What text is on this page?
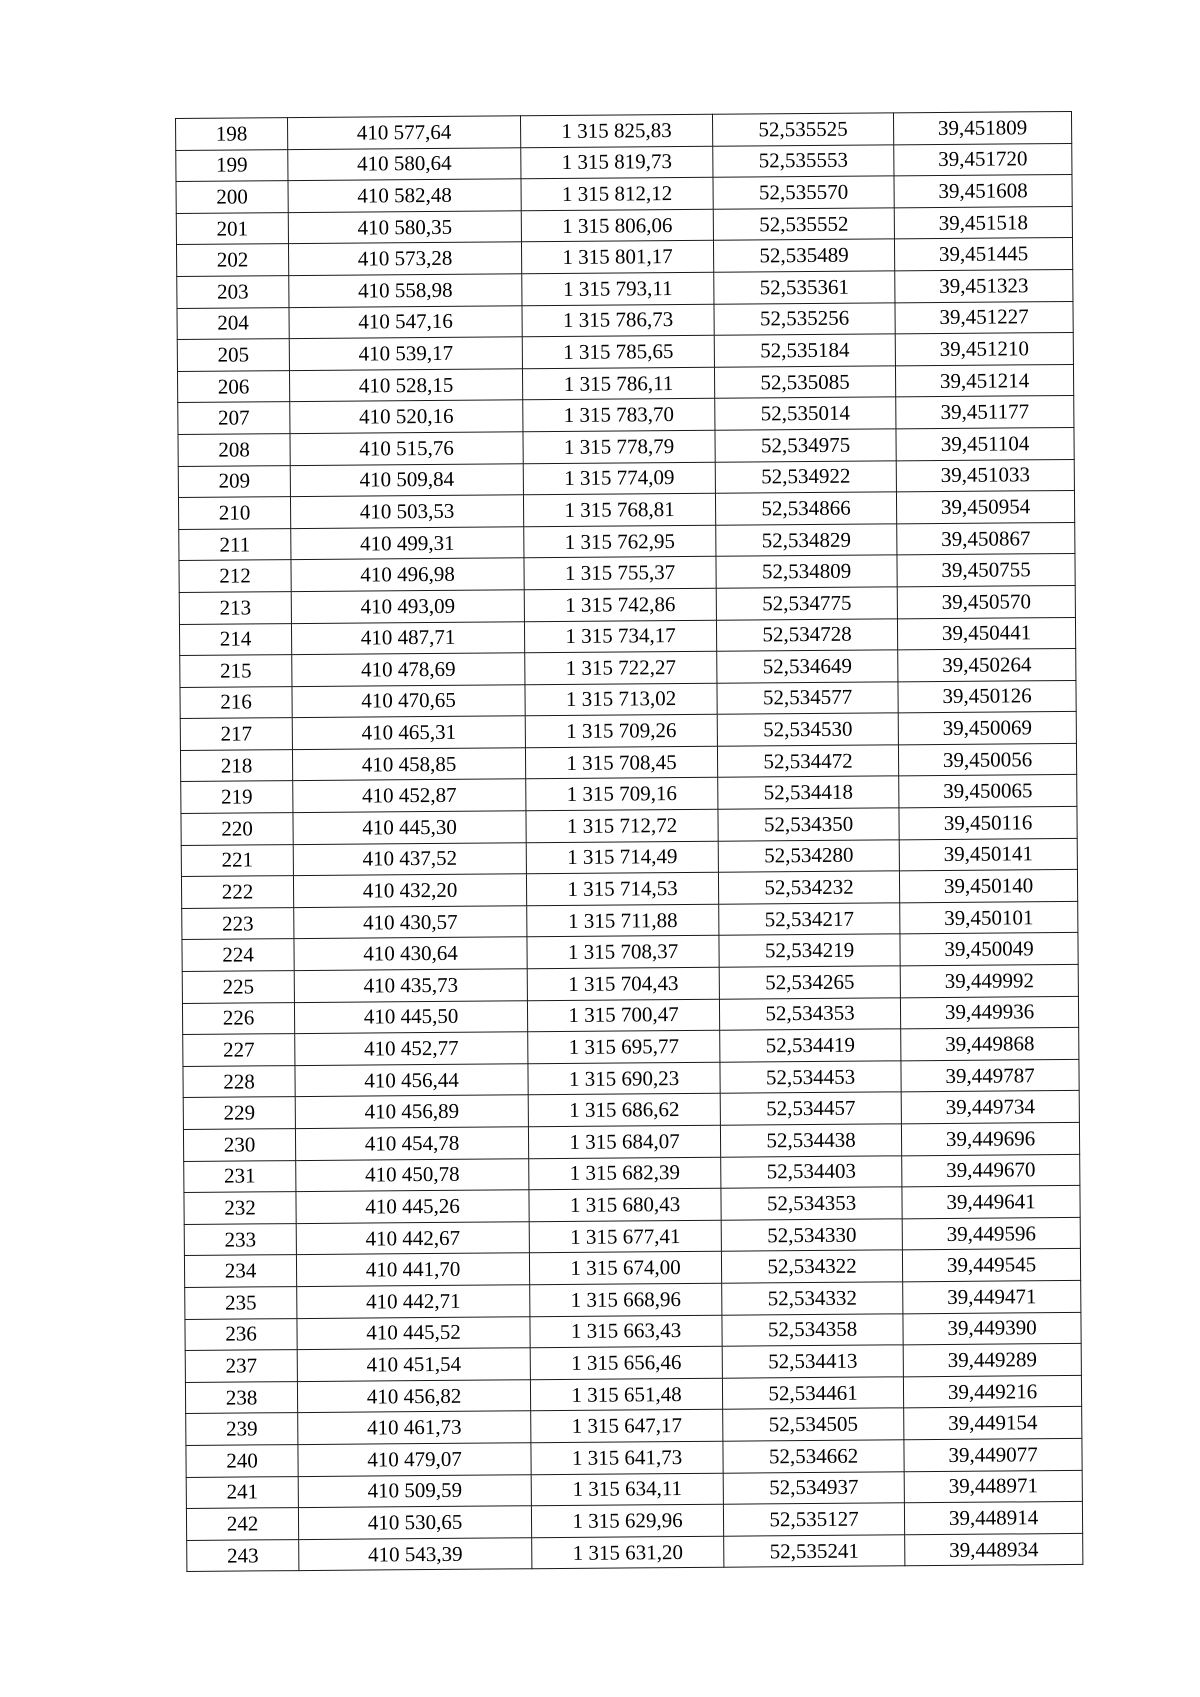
198	410 577,64	1 315 825,83	52,535525	39,451809
199	410 580,64	1 315 819,73	52,535553	39,451720
200	410 582,48	1 315 812,12	52,535570	39,451608
201	410 580,35	1 315 806,06	52,535552	39,451518
202	410 573,28	1 315 801,17	52,535489	39,451445
203	410 558,98	1 315 793,11	52,535361	39,451323
204	410 547,16	1 315 786,73	52,535256	39,451227
205	410 539,17	1 315 785,65	52,535184	39,451210
206	410 528,15	1 315 786,11	52,535085	39,451214
207	410 520,16	1 315 783,70	52,535014	39,451177
208	410 515,76	1 315 778,79	52,534975	39,451104
209	410 509,84	1 315 774,09	52,534922	39,451033
210	410 503,53	1 315 768,81	52,534866	39,450954
211	410 499,31	1 315 762,95	52,534829	39,450867
212	410 496,98	1 315 755,37	52,534809	39,450755
213	410 493,09	1 315 742,86	52,534775	39,450570
214	410 487,71	1 315 734,17	52,534728	39,450441
215	410 478,69	1 315 722,27	52,534649	39,450264
216	410 470,65	1 315 713,02	52,534577	39,450126
217	410 465,31	1 315 709,26	52,534530	39,450069
218	410 458,85	1 315 708,45	52,534472	39,450056
219	410 452,87	1 315 709,16	52,534418	39,450065
220	410 445,30	1 315 712,72	52,534350	39,450116
221	410 437,52	1 315 714,49	52,534280	39,450141
222	410 432,20	1 315 714,53	52,534232	39,450140
223	410 430,57	1 315 711,88	52,534217	39,450101
224	410 430,64	1 315 708,37	52,534219	39,450049
225	410 435,73	1 315 704,43	52,534265	39,449992
226	410 445,50	1 315 700,47	52,534353	39,449936
227	410 452,77	1 315 695,77	52,534419	39,449868
228	410 456,44	1 315 690,23	52,534453	39,449787
229	410 456,89	1 315 686,62	52,534457	39,449734
230	410 454,78	1 315 684,07	52,534438	39,449696
231	410 450,78	1 315 682,39	52,534403	39,449670
232	410 445,26	1 315 680,43	52,534353	39,449641
233	410 442,67	1 315 677,41	52,534330	39,449596
234	410 441,70	1 315 674,00	52,534322	39,449545
235	410 442,71	1 315 668,96	52,534332	39,449471
236	410 445,52	1 315 663,43	52,534358	39,449390
237	410 451,54	1 315 656,46	52,534413	39,449289
238	410 456,82	1 315 651,48	52,534461	39,449216
239	410 461,73	1 315 647,17	52,534505	39,449154
240	410 479,07	1 315 641,73	52,534662	39,449077
241	410 509,59	1 315 634,11	52,534937	39,448971
242	410 530,65	1 315 629,96	52,535127	39,448914
243	410 543,39	1 315 631,20	52,535241	39,448934
